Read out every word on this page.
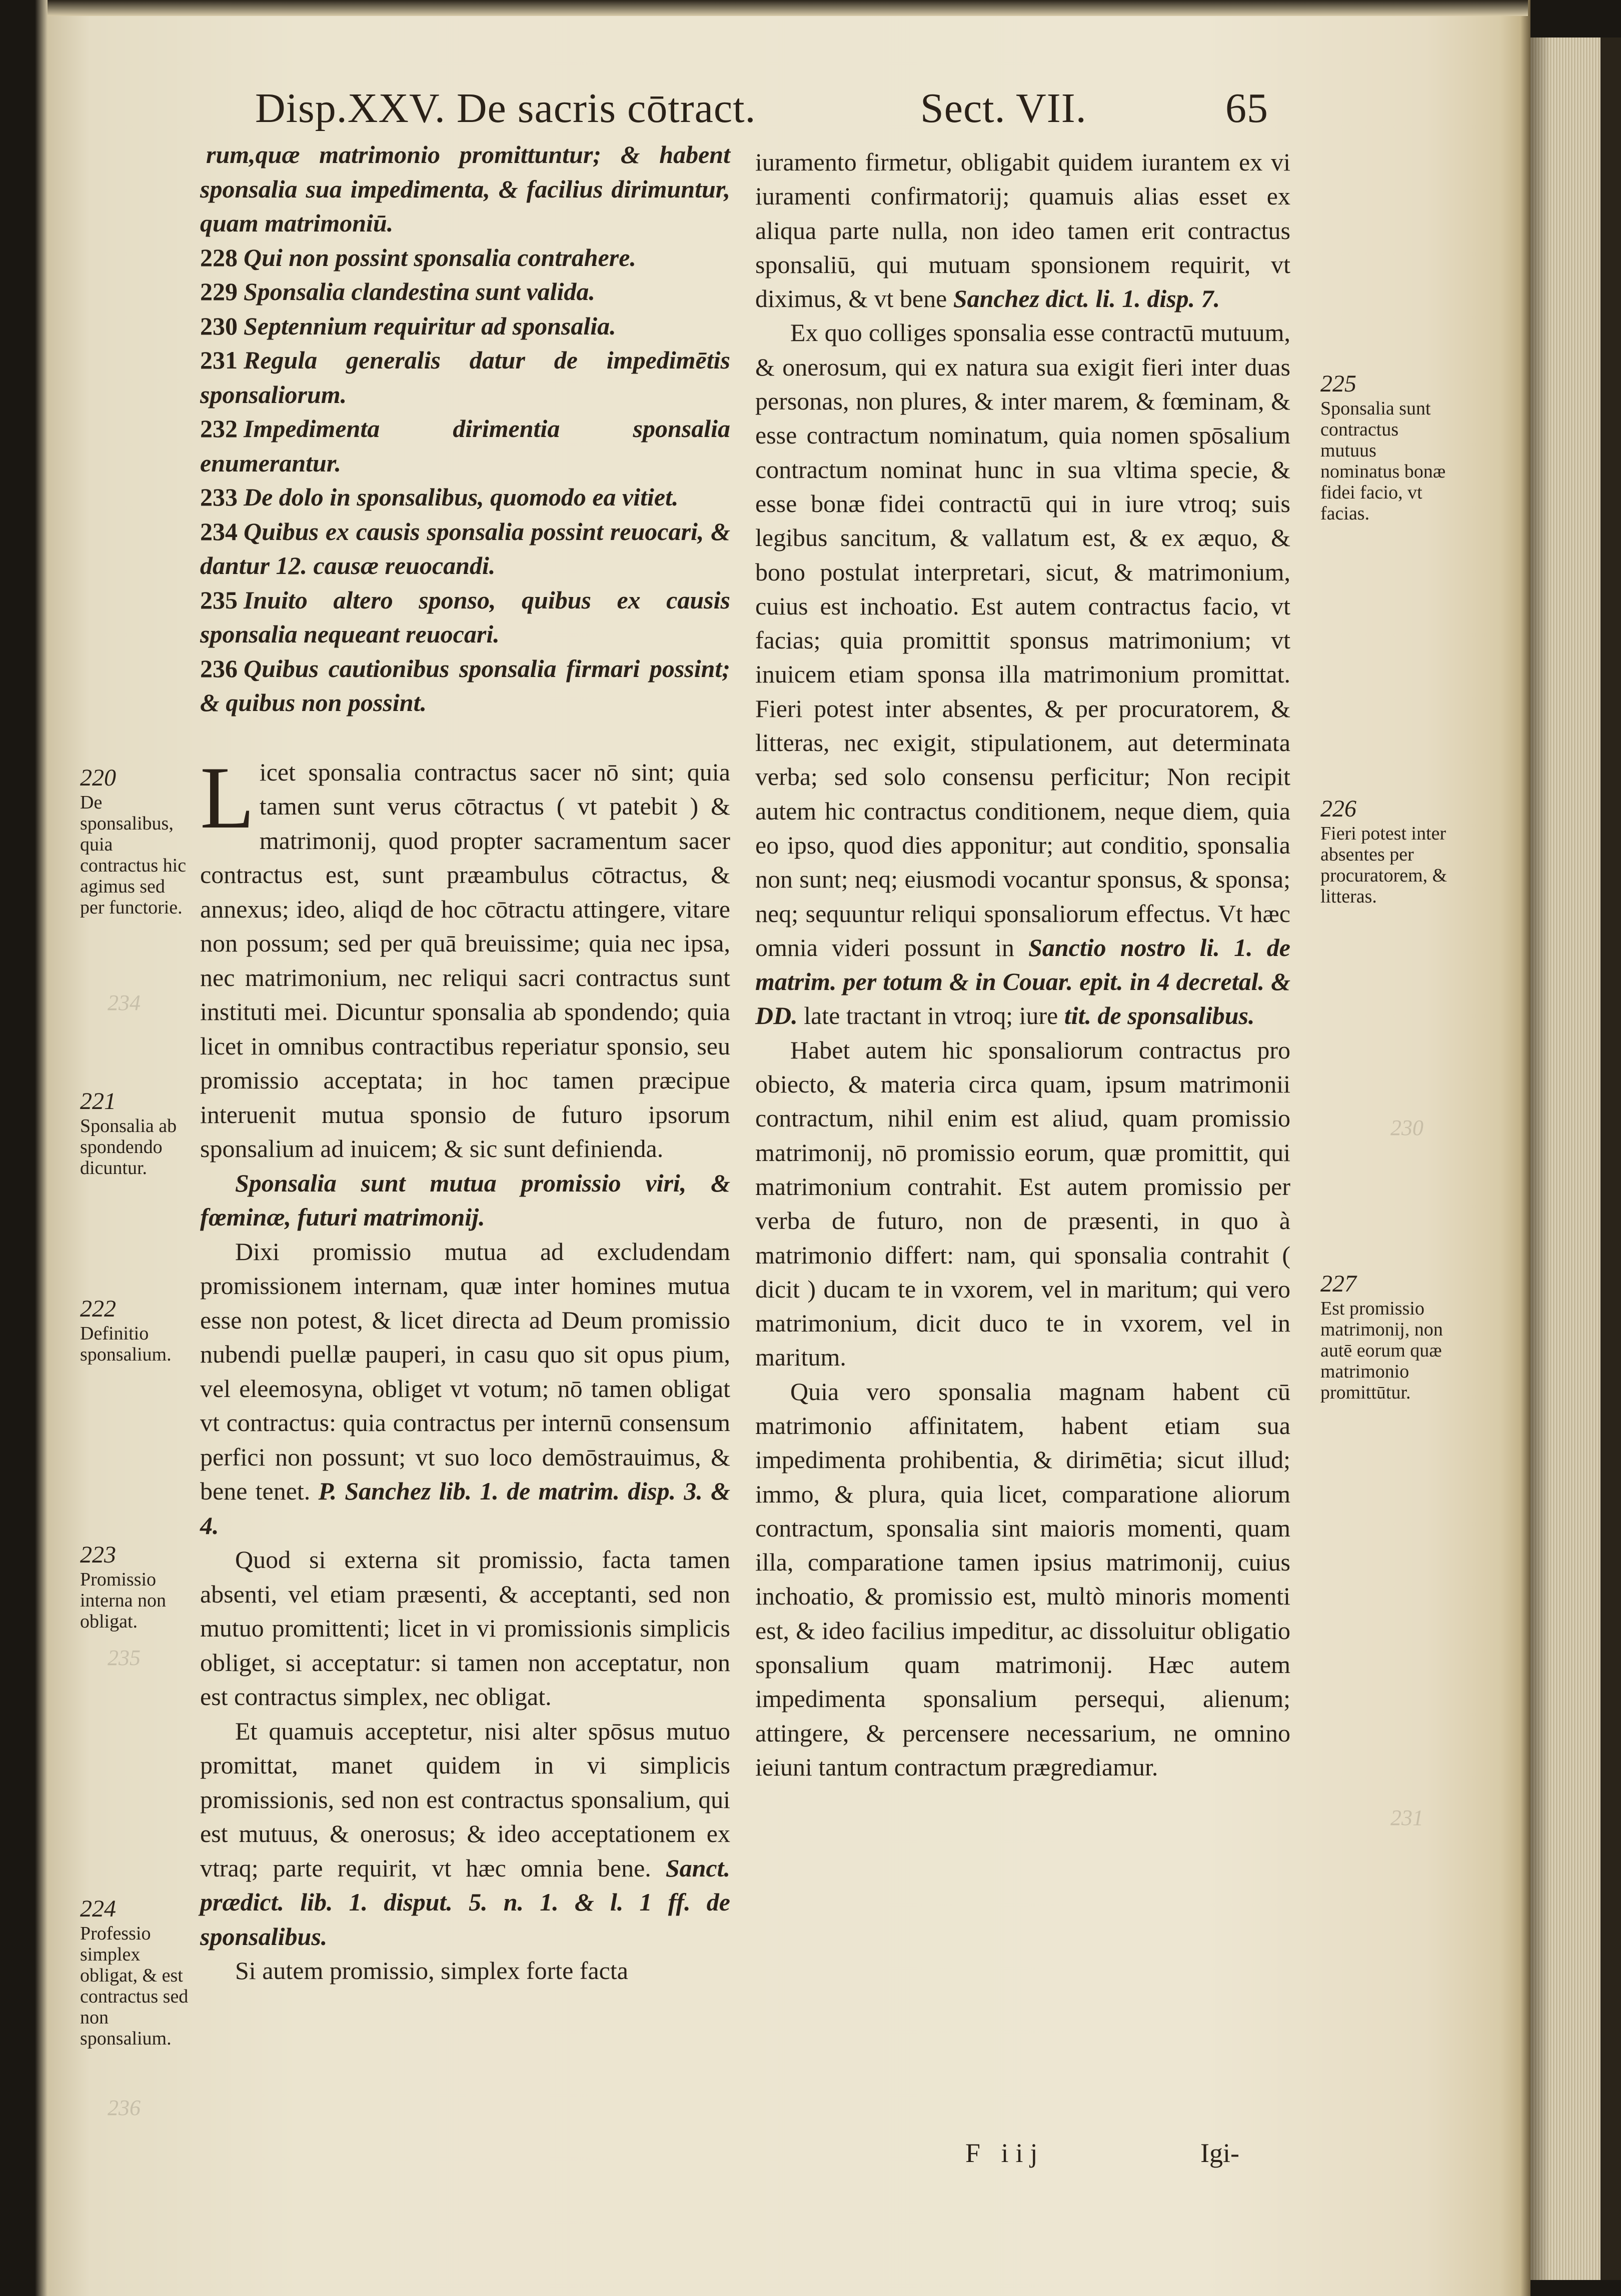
234
235
236
230
231
Disp.XXV. De sacris cōtract.	Sect. VII.	65
rum,quæ matrimonio promittuntur; & habent sponsalia sua impedimenta, & facilius dirimuntur, quam matrimoniū.
228 Qui non possint sponsalia contrahere.
229 Sponsalia clandestina sunt valida.
230 Septennium requiritur ad sponsalia.
231 Regula generalis datur de impedimētis sponsaliorum.
232 Impedimenta dirimentia sponsalia enumerantur.
233 De dolo in sponsalibus, quomodo ea vitiet.
234 Quibus ex causis sponsalia possint reuocari, & dantur 12. causæ reuocandi.
235 Inuito altero sponso, quibus ex causis sponsalia nequeant reuocari.
236 Quibus cautionibus sponsalia firmari possint; & quibus non possint.

Licet sponsalia contractus sacer nō sint; quia tamen sunt verus cōtractus ( vt patebit ) & matrimonij, quod propter sacramentum sacer contractus est, sunt præambulus cōtractus, & annexus; ideo, aliqd de hoc cōtractu attingere, vitare non possum; sed per quā breuissime; quia nec ipsa, nec matrimonium, nec reliqui sacri contractus sunt instituti mei. Dicuntur sponsalia ab spondendo; quia licet in omnibus contractibus reperiatur sponsio, seu promissio acceptata; in hoc tamen præcipue interuenit mutua sponsio de futuro ipsorum sponsalium ad inuicem; & sic sunt definienda.

Sponsalia sunt mutua promissio viri, & fœminæ, futuri matrimonij.

Dixi promissio mutua ad excludendam promissionem internam, quæ inter homines mutua esse non potest, & licet directa ad Deum promissio nubendi puellæ pauperi, in casu quo sit opus pium, vel eleemosyna, obliget vt votum; nō tamen obligat vt contractus: quia contractus per internū consensum perfici non possunt; vt suo loco demōstrauimus, & bene tenet. P. Sanchez lib. 1. de matrim. disp. 3. & 4.

Quod si externa sit promissio, facta tamen absenti, vel etiam præsenti, & acceptanti, sed non mutuo promittenti; licet in vi promissionis simplicis obliget, si acceptatur: si tamen non acceptatur, non est contractus simplex, nec obligat.

Et quamuis acceptetur, nisi alter spōsus mutuo promittat, manet quidem in vi simplicis promissionis, sed non est contractus sponsalium, qui est mutuus, & onerosus; & ideo acceptationem ex vtraq; parte requirit, vt hæc omnia bene. Sanct. prædict. lib. 1. disput. 5. n. 1. & l. 1 ff. de sponsalibus.

Si autem promissio, simplex forte facta

iuramento firmetur, obligabit quidem iurantem ex vi iuramenti confirmatorij; quamuis alias esset ex aliqua parte nulla, non ideo tamen erit contractus sponsaliū, qui mutuam sponsionem requirit, vt diximus, & vt bene Sanchez dict. li. 1. disp. 7.

Ex quo colliges sponsalia esse contractū mutuum, & onerosum, qui ex natura sua exigit fieri inter duas personas, non plures, & inter marem, & fœminam, & esse contractum nominatum, quia nomen spōsalium contractum nominat hunc in sua vltima specie, & esse bonæ fidei contractū qui in iure vtroq; suis legibus sancitum, & vallatum est, & ex æquo, & bono postulat interpretari, sicut, & matrimonium, cuius est inchoatio. Est autem contractus facio, vt facias; quia promittit sponsus matrimonium; vt inuicem etiam sponsa illa matrimonium promittat. Fieri potest inter absentes, & per procuratorem, & litteras, nec exigit, stipulationem, aut determinata verba; sed solo consensu perficitur; Non recipit autem hic contractus conditionem, neque diem, quia eo ipso, quod dies apponitur; aut conditio, sponsalia non sunt; neq; eiusmodi vocantur sponsus, & sponsa; neq; sequuntur reliqui sponsaliorum effectus. Vt hæc omnia videri possunt in Sanctio nostro li. 1. de matrim. per totum & in Couar. epit. in 4 decretal. & DD. late tractant in vtroq; iure tit. de sponsalibus.

Habet autem hic sponsaliorum contractus pro obiecto, & materia circa quam, ipsum matrimonii contractum, nihil enim est aliud, quam promissio matrimonij, nō promissio eorum, quæ promittit, qui matrimonium contrahit. Est autem promissio per verba de futuro, non de præsenti, in quo à matrimonio differt: nam, qui sponsalia contrahit ( dicit ) ducam te in vxorem, vel in maritum; qui vero matrimonium, dicit duco te in vxorem, vel in maritum.

Quia vero sponsalia magnam habent cū matrimonio affinitatem, habent etiam sua impedimenta prohibentia, & dirimētia; sicut illud; immo, & plura, quia licet, comparatione aliorum contractum, sponsalia sint maioris momenti, quam illa, comparatione tamen ipsius matrimonij, cuius inchoatio, & promissio est, multò minoris momenti est, & ideo facilius impeditur, ac dissoluitur obligatio sponsalium quam matrimonij. Hæc autem impedimenta sponsalium persequi, alienum; attingere, & percensere necessarium, ne omnino ieiuni tantum contractum prægrediamur.

220
De sponsalibus, quia contractus hic agimus sed per functorie.
221
Sponsalia ab spondendo dicuntur.
222
Definitio sponsalium.
223
Promissio interna non obligat.
224
Professio simplex obligat, & est contractus sed non sponsalium.
225
Sponsalia sunt contractus mutuus nominatus bonæ fidei facio, vt facias.
226
Fieri potest inter absentes per procuratorem, & litteras.
227
Est promissio matrimonij, non autē eorum quæ matrimonio promittūtur.
F iij	Igi-
